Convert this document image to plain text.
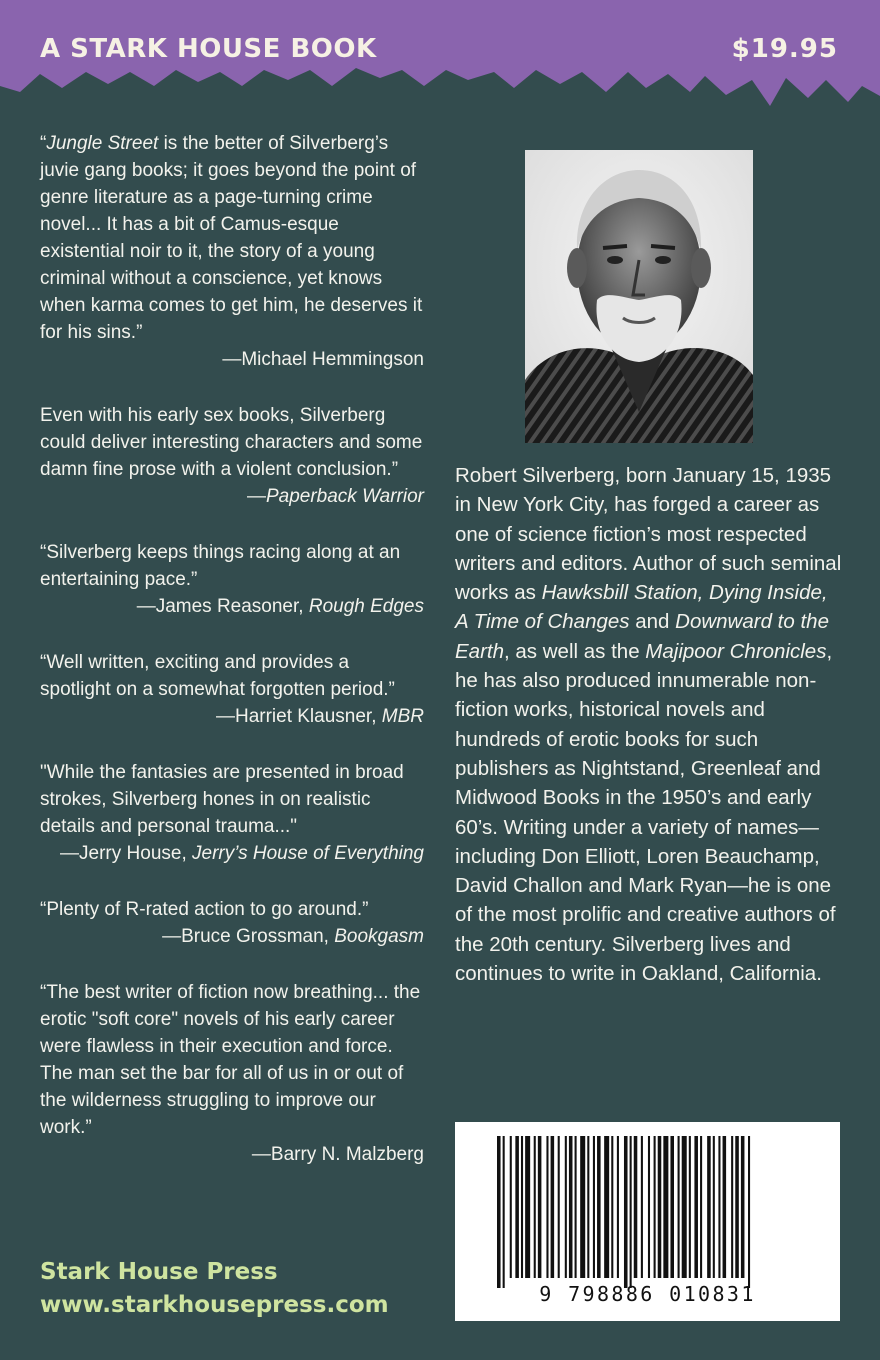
A STARK HOUSE BOOK	$19.95

“Jungle Street is the better of Silverberg’s juvie gang books; it goes beyond the point of genre literature as a page-turning crime novel... It has a bit of Camus-esque existential noir to it, the story of a young criminal without a conscience, yet knows when karma comes to get him, he deserves it for his sins.”

—Michael Hemmingson

Even with his early sex books, Silverberg could deliver interesting characters and some damn fine prose with a violent conclusion.”

—Paperback Warrior

“Silverberg keeps things racing along at an entertaining pace.”

—James Reasoner, Rough Edges

“Well written, exciting and provides a spotlight on a somewhat forgotten period.”

—Harriet Klausner, MBR

"While the fantasies are presented in broad strokes, Silverberg hones in on realistic details and personal trauma..."

—Jerry House, Jerry’s House of Everything

“Plenty of R-rated action to go around.”

—Bruce Grossman, Bookgasm

“The best writer of fiction now breathing... the erotic "soft core" novels of his early career were flawless in their execution and force. The man set the bar for all of us in or out of the wilderness struggling to improve our work.”

—Barry N. Malzberg

Robert Silverberg, born January 15, 1935 in New York City, has forged a career as one of science fiction’s most respected writers and editors. Author of such seminal works as Hawksbill Station, Dying Inside, A Time of Changes and Downward to the Earth, as well as the Majipoor Chronicles, he has also produced innumerable non-fiction works, historical novels and hundreds of erotic books for such publishers as Nightstand, Greenleaf and Midwood Books in the 1950’s and early 60’s. Writing under a variety of names—including Don Elliott, Loren Beauchamp, David Challon and Mark Ryan—he is one of the most prolific and creative authors of the 20th century. Silverberg lives and continues to write in Oakland, California.

9 798886 010831
Stark House Press
www.starkhousepress.com
